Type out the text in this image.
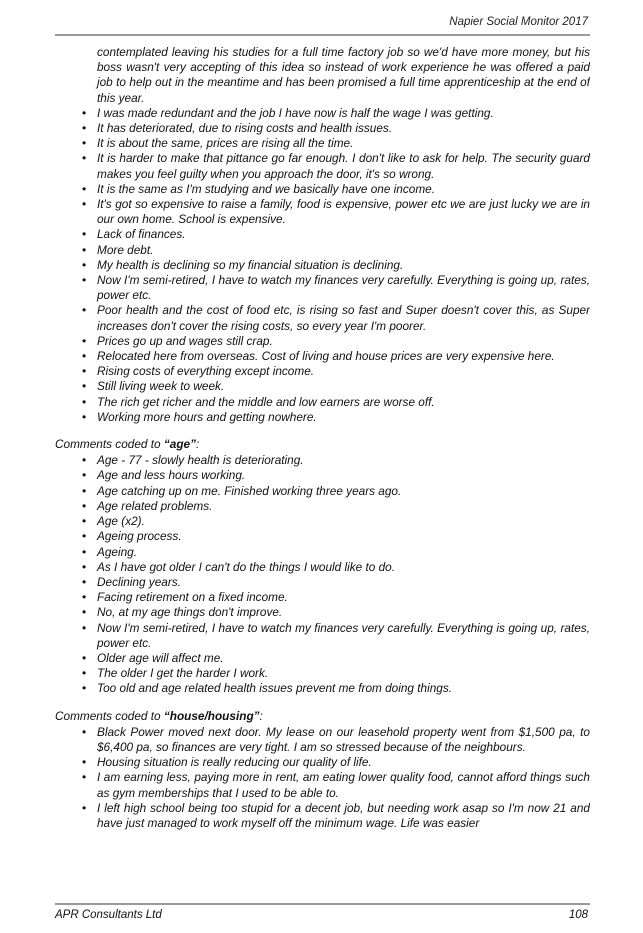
Napier Social Monitor 2017
contemplated leaving his studies for a full time factory job so we'd have more money, but his boss wasn't very accepting of this idea so instead of work experience he was offered a paid job to help out in the meantime and has been promised a full time apprenticeship at the end of this year.
• I was made redundant and the job I have now is half the wage I was getting.
• It has deteriorated, due to rising costs and health issues.
• It is about the same, prices are rising all the time.
• It is harder to make that pittance go far enough. I don't like to ask for help. The security guard makes you feel guilty when you approach the door, it's so wrong.
• It is the same as I'm studying and we basically have one income.
• It's got so expensive to raise a family, food is expensive, power etc we are just lucky we are in our own home. School is expensive.
• Lack of finances.
• More debt.
• My health is declining so my financial situation is declining.
• Now I'm semi-retired, I have to watch my finances very carefully. Everything is going up, rates, power etc.
• Poor health and the cost of food etc, is rising so fast and Super doesn't cover this, as Super increases don't cover the rising costs, so every year I'm poorer.
• Prices go up and wages still crap.
• Relocated here from overseas. Cost of living and house prices are very expensive here.
• Rising costs of everything except income.
• Still living week to week.
• The rich get richer and the middle and low earners are worse off.
• Working more hours and getting nowhere.
Comments coded to “age”:
• Age - 77 - slowly health is deteriorating.
• Age and less hours working.
• Age catching up on me. Finished working three years ago.
• Age related problems.
• Age (x2).
• Ageing process.
• Ageing.
• As I have got older I can't do the things I would like to do.
• Declining years.
• Facing retirement on a fixed income.
• No, at my age things don't improve.
• Now I'm semi-retired, I have to watch my finances very carefully. Everything is going up, rates, power etc.
• Older age will affect me.
• The older I get the harder I work.
• Too old and age related health issues prevent me from doing things.
Comments coded to “house/housing”:
• Black Power moved next door. My lease on our leasehold property went from $1,500 pa, to $6,400 pa, so finances are very tight. I am so stressed because of the neighbours.
• Housing situation is really reducing our quality of life.
• I am earning less, paying more in rent, am eating lower quality food, cannot afford things such as gym memberships that I used to be able to.
• I left high school being too stupid for a decent job, but needing work asap so I'm now 21 and have just managed to work myself off the minimum wage. Life was easier
APR Consultants Ltd	108
